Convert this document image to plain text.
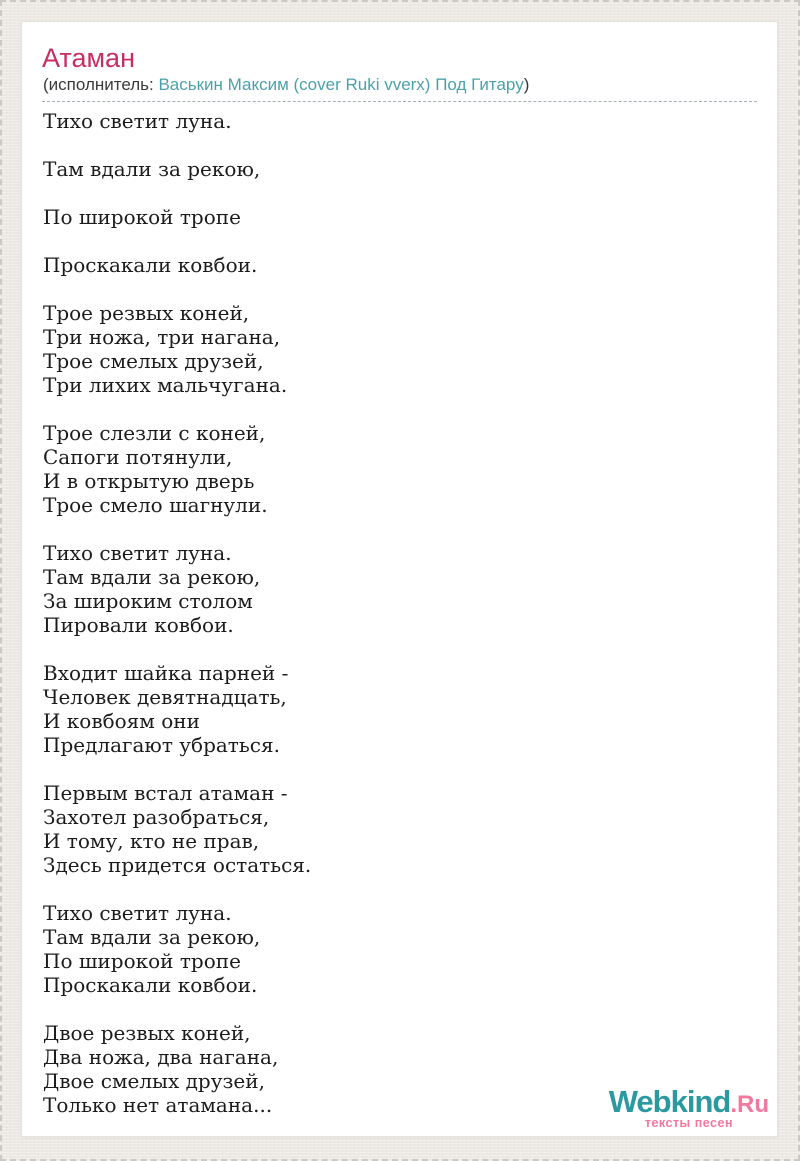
Атаман
(исполнитель: Васькин Максим (cover Ruki vverx) Под Гитару)
Тихо светит луна.
Там вдали за рекою,
По широкой тропе
Проскакали ковбои.
Трое резвых коней,
Три ножа, три нагана,
Трое смелых друзей,
Три лихих мальчугана.
Трое слезли с коней,
Сапоги потянули,
И в открытую дверь
Трое смело шагнули.
Тихо светит луна.
Там вдали за рекою,
За широким столом
Пировали ковбои.
Входит шайка парней -
Человек девятнадцать,
И ковбоям они
Предлагают убраться.
Первым встал атаман -
Захотел разобраться,
И тому, кто не прав,
Здесь придется остаться.
Тихо светит луна.
Там вдали за рекою,
По широкой тропе
Проскакали ковбои.
Двое резвых коней,
Два ножа, два нагана,
Двое смелых друзей,
Только нет атамана...	Webkind.Ru
тексты песен
